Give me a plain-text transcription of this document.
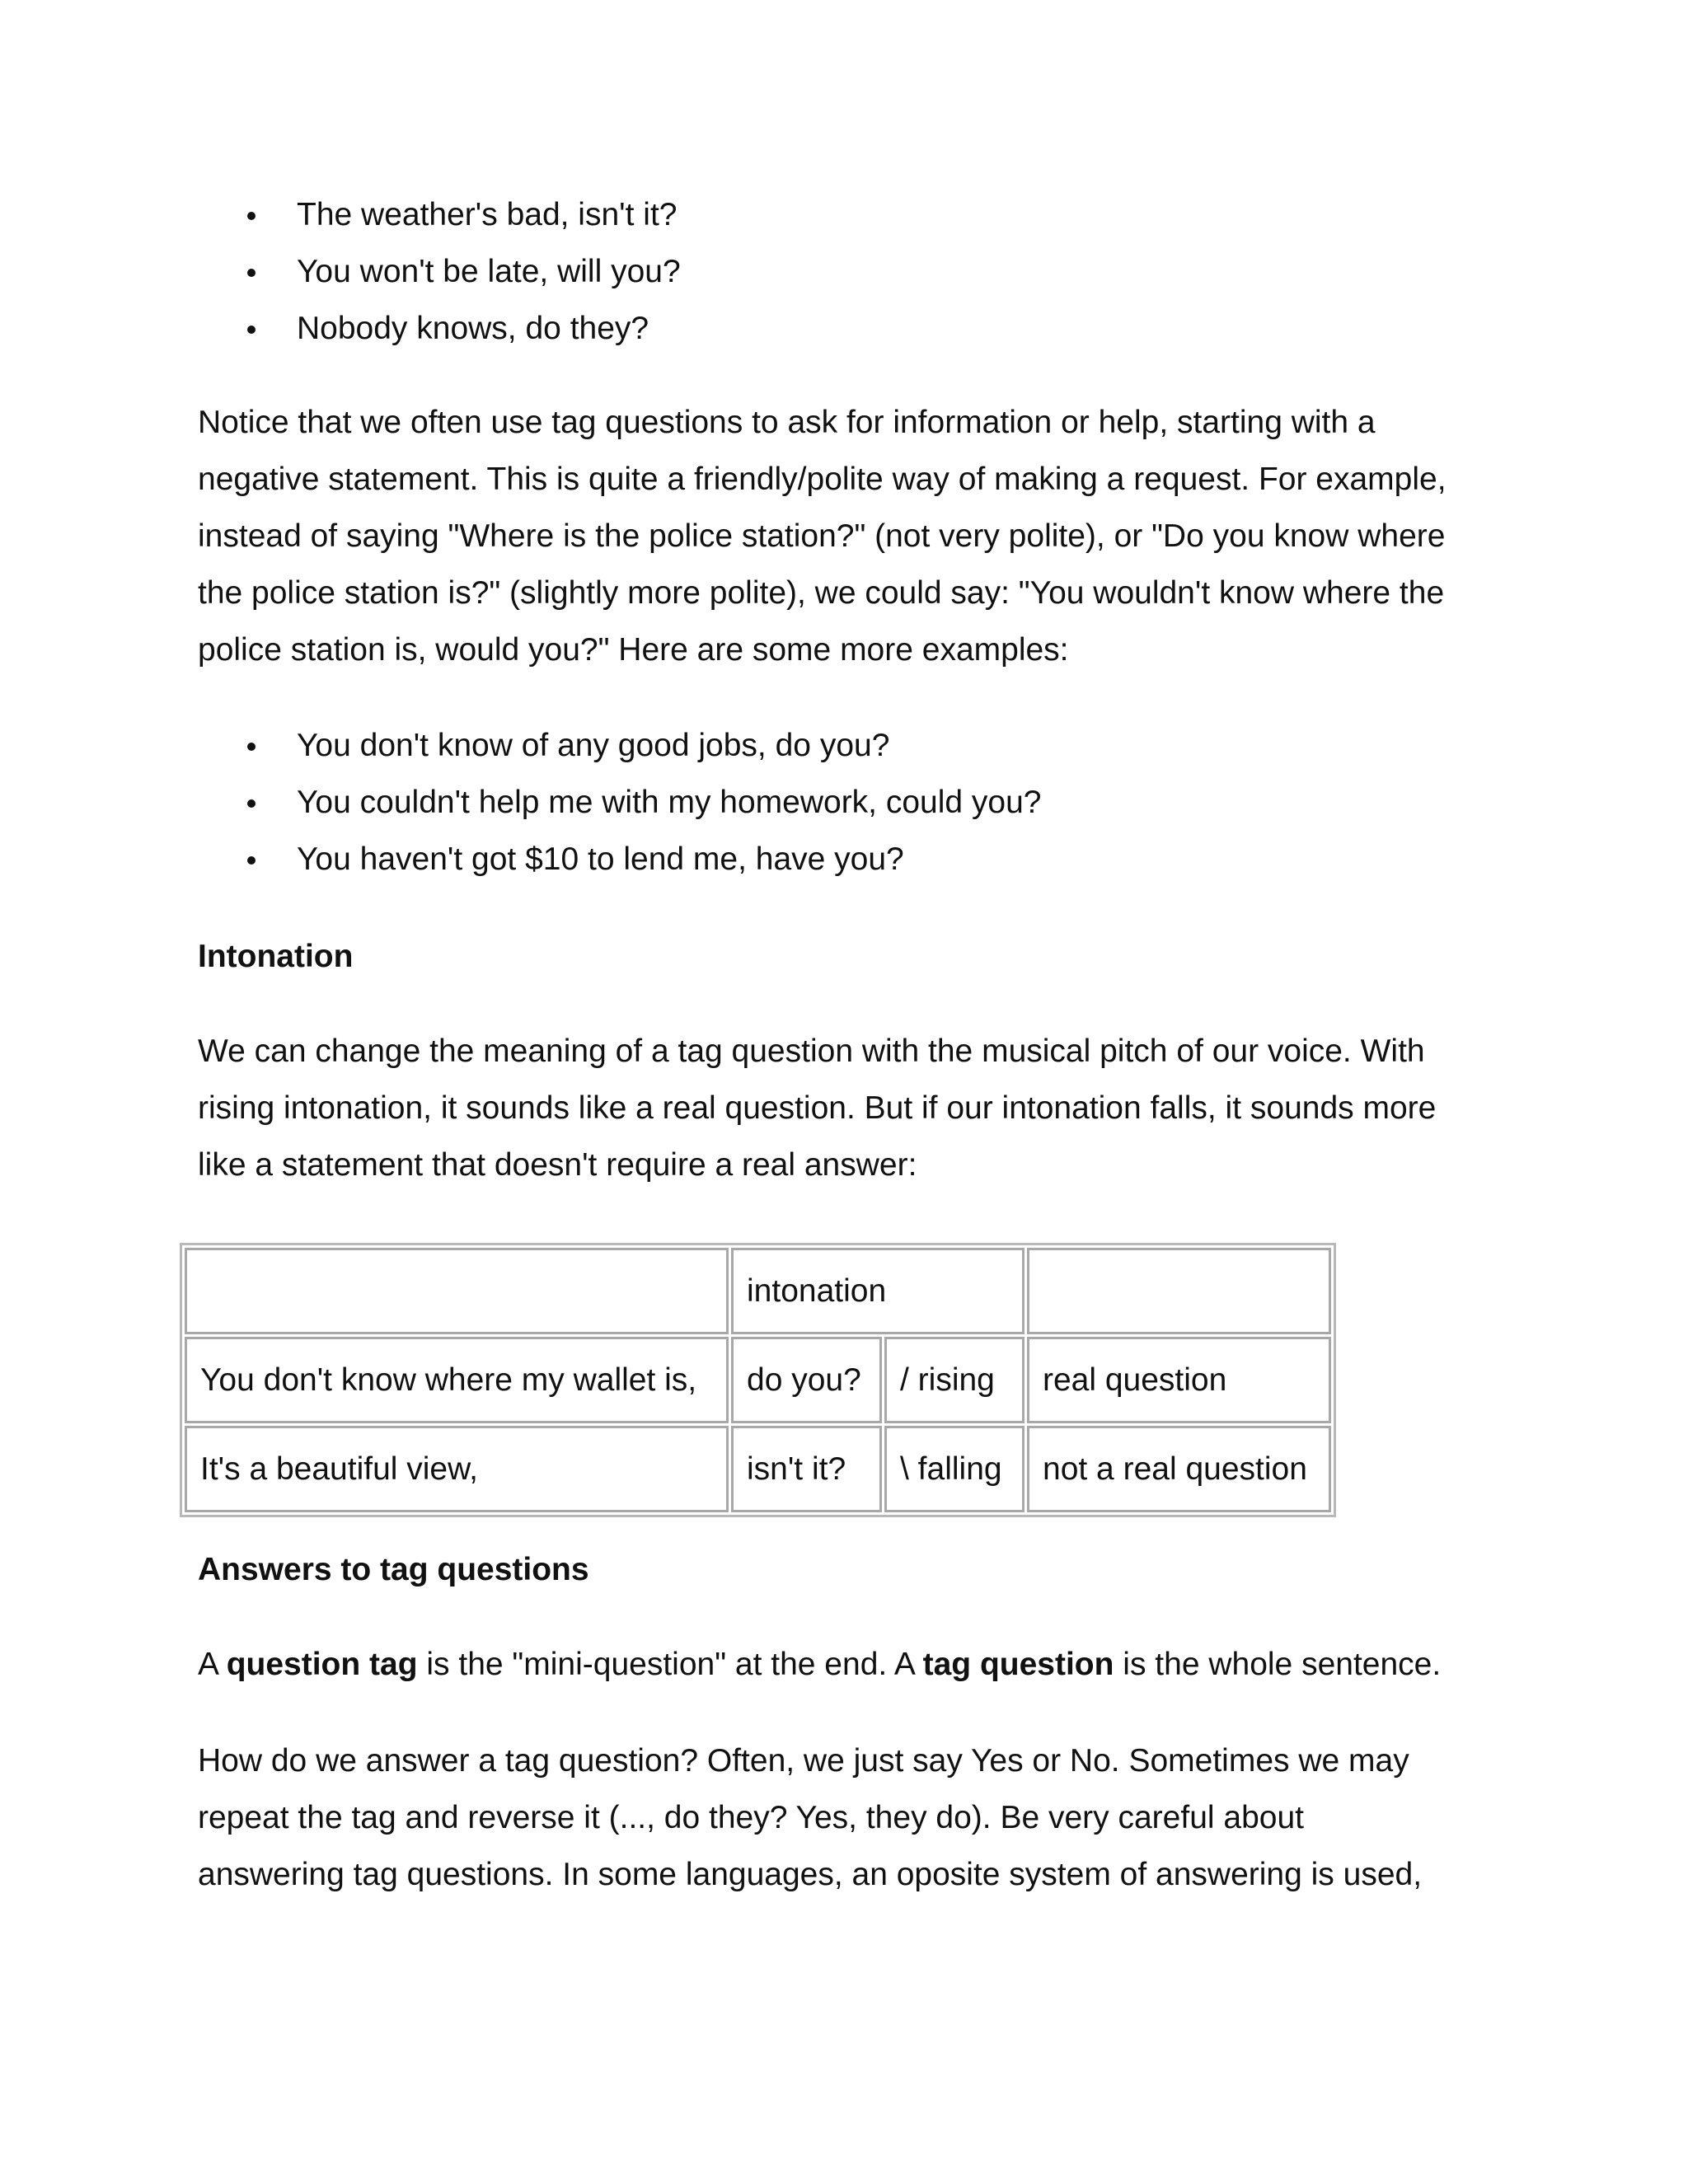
The weather's bad, isn't it?
You won't be late, will you?
Nobody knows, do they?

Notice that we often use tag questions to ask for information or help, starting with a
negative statement. This is quite a friendly/polite way of making a request. For example,
instead of saying "Where is the police station?" (not very polite), or "Do you know where
the police station is?" (slightly more polite), we could say: "You wouldn't know where the
police station is, would you?" Here are some more examples:

You don't know of any good jobs, do you?
You couldn't help me with my homework, could you?
You haven't got $10 to lend me, have you?
Intonation

We can change the meaning of a tag question with the musical pitch of our voice. With
rising intonation, it sounds like a real question. But if our intonation falls, it sounds more
like a statement that doesn't require a real answer:

	intonation		
You don't know where my wallet is,	do you?	/ rising	real question
It's a beautiful view,	isn't it?	\ falling	not a real question
Answers to tag questions

A question tag is the "mini-question" at the end. A tag question is the whole sentence.

How do we answer a tag question? Often, we just say Yes or No. Sometimes we may
repeat the tag and reverse it (..., do they? Yes, they do). Be very careful about
answering tag questions. In some languages, an oposite system of answering is used,
